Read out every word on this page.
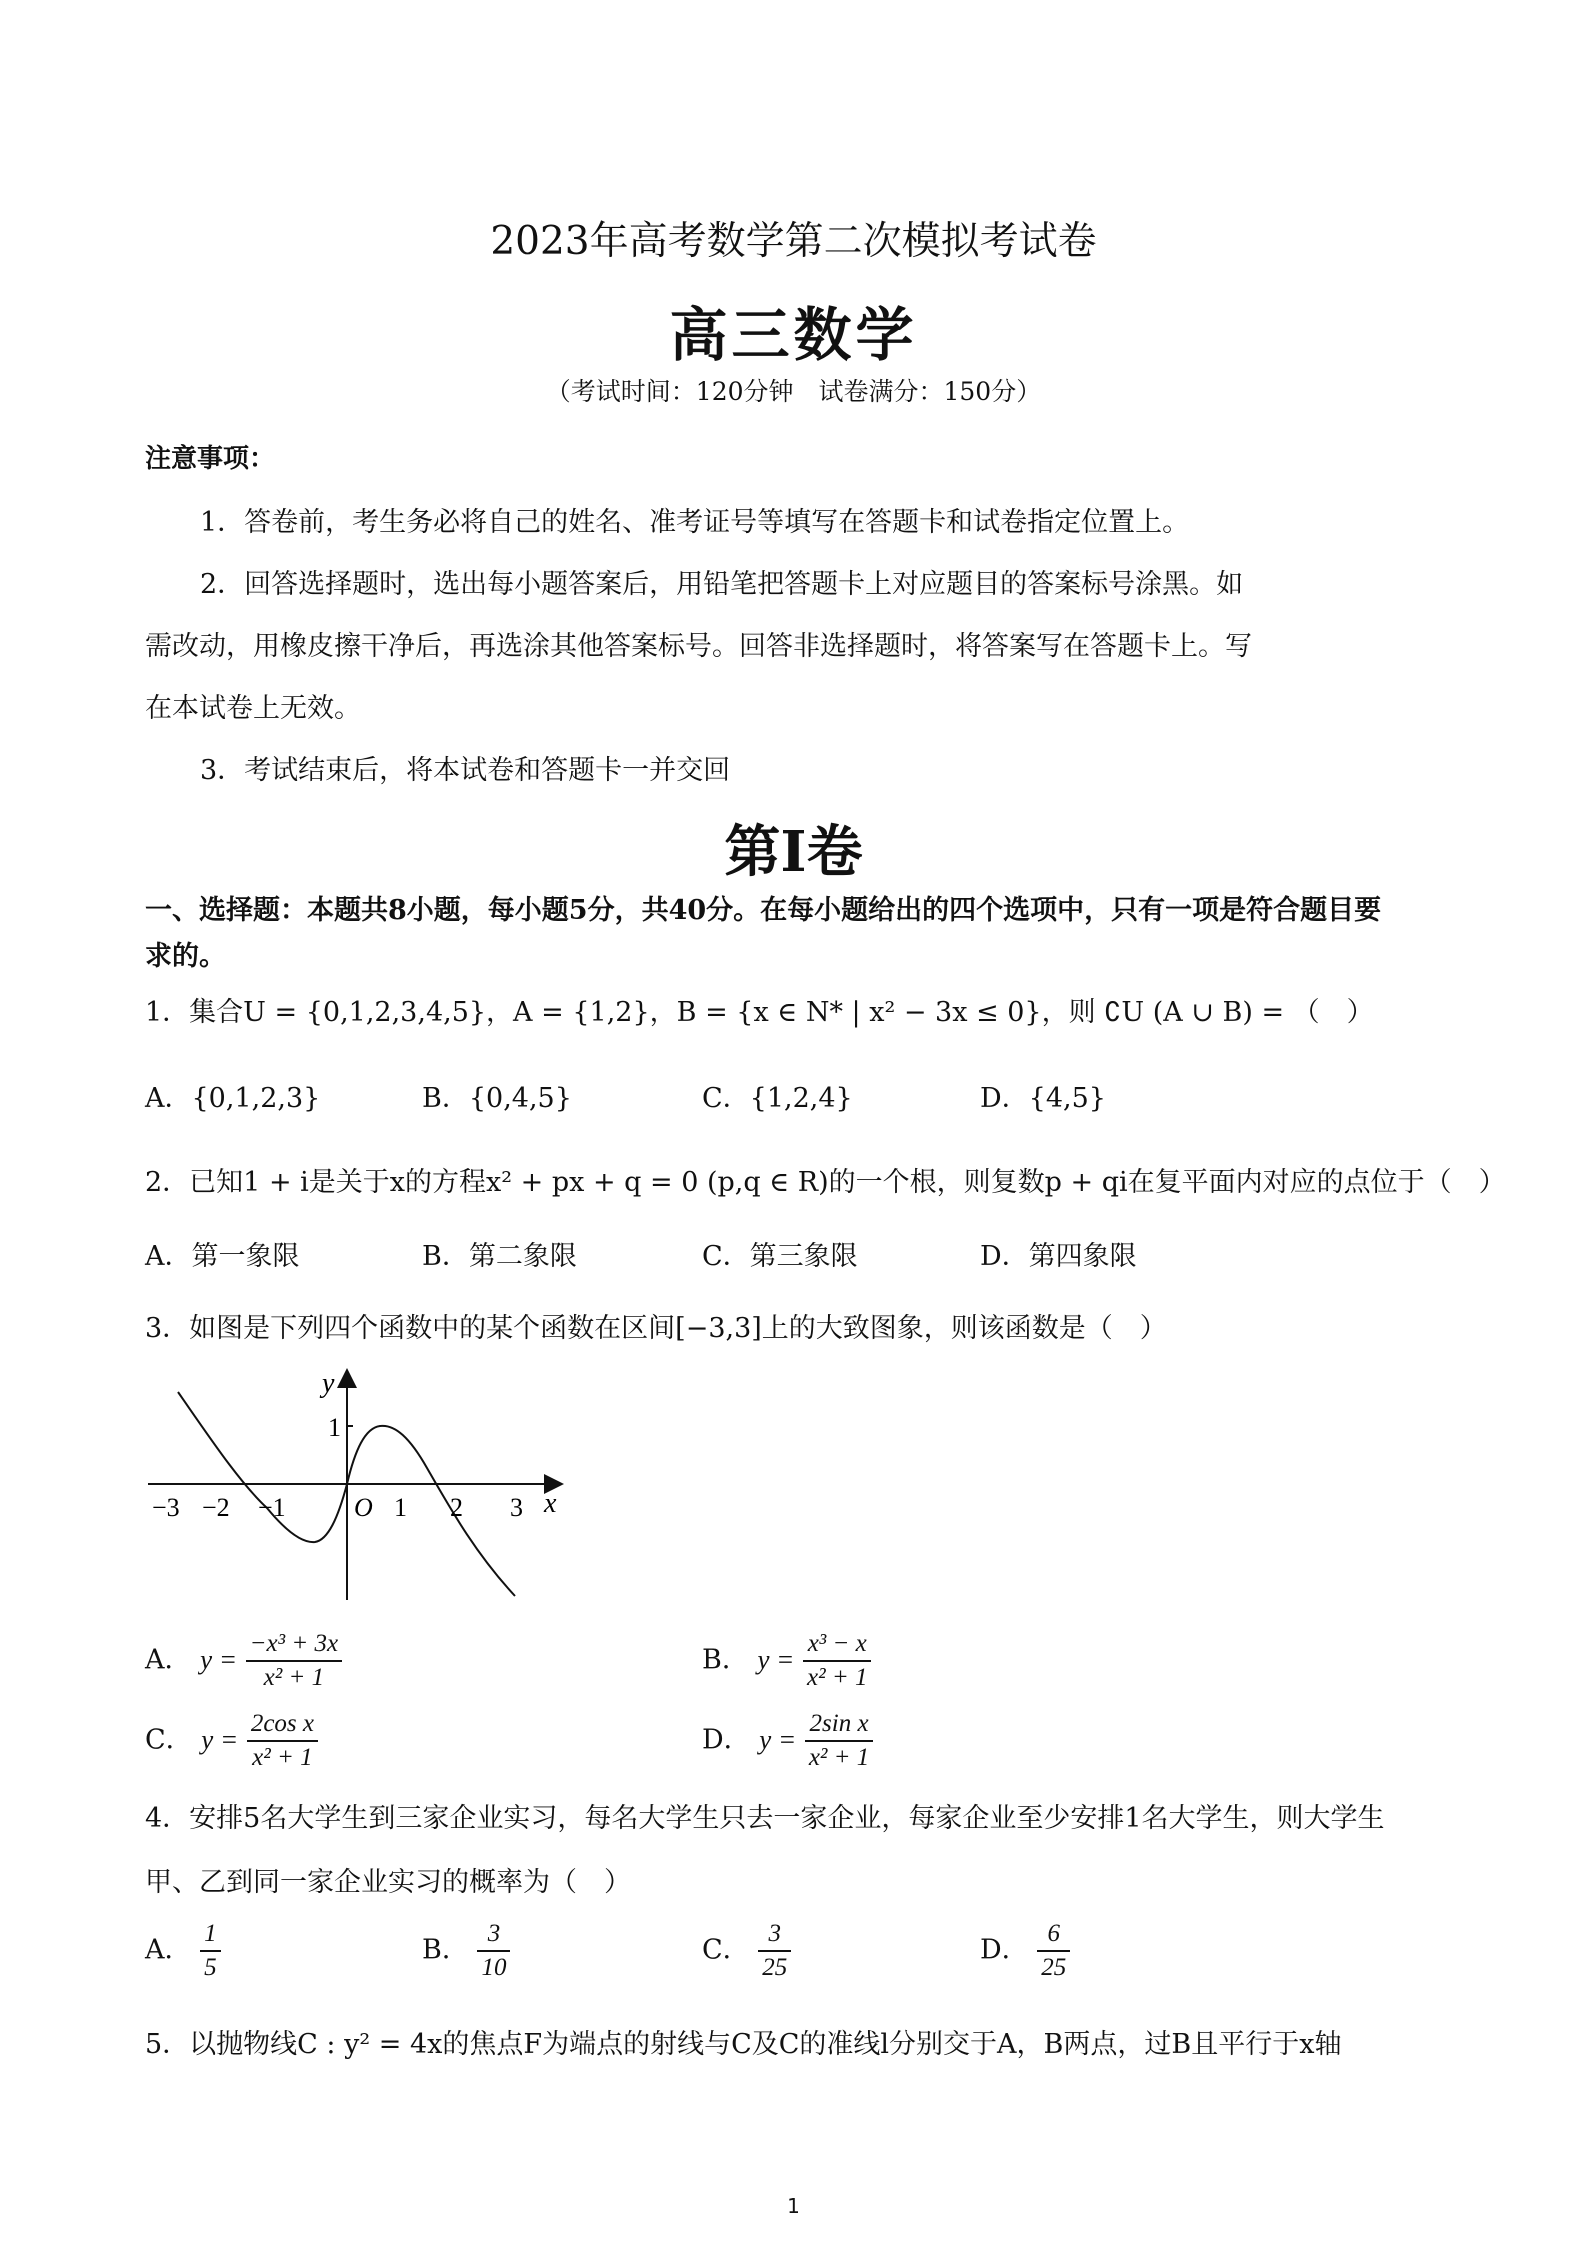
2023年高考数学第二次模拟考试卷
高三数学
（考试时间：120分钟　试卷满分：150分）
注意事项：
1．答卷前，考生务必将自己的姓名、准考证号等填写在答题卡和试卷指定位置上。
2．回答选择题时，选出每小题答案后，用铅笔把答题卡上对应题目的答案标号涂黑。如
需改动，用橡皮擦干净后，再选涂其他答案标号。回答非选择题时，将答案写在答题卡上。写
在本试卷上无效。
3．考试结束后，将本试卷和答题卡一并交回
第Ⅰ卷
一、选择题：本题共8小题，每小题5分，共40分。在每小题给出的四个选项中，只有一项是符合题目要
求的。
1．集合U = {0,1,2,3,4,5}，A = {1,2}，B = {x ∈ N* | x² − 3x ≤ 0}，则 ∁U (A ∪ B) = （　）
A．{0,1,2,3}	B．{0,4,5}	C．{1,2,4}	D．{4,5}
2．已知1 + i是关于x的方程x² + px + q = 0 (p,q ∈ R)的一个根，则复数p + qi在复平面内对应的点位于（　）
A．第一象限	B．第二象限	C．第三象限	D．第四象限
3．如图是下列四个函数中的某个函数在区间[−3,3]上的大致图象，则该函数是（　）
−3 −2 −1	1 2 3
1
O
y
x
A． $y = \frac{\text{−x³ + 3x}}{\text{x² + 1}}$	B． $y = \frac{\text{x³ − x}}{\text{x² + 1}}$
C． $y = \frac{\text{2cos x}}{\text{x² + 1}}$	D． $y = \frac{\text{2sin x}}{\text{x² + 1}}$
4．安排5名大学生到三家企业实习，每名大学生只去一家企业，每家企业至少安排1名大学生，则大学生
甲、乙到同一家企业实习的概率为（　）
A． $\frac{1}{5}$	B． $\frac{3}{10}$	C． $\frac{3}{25}$	D． $\frac{6}{25}$
5．以抛物线C : y² = 4x的焦点F为端点的射线与C及C的准线l分别交于A，B两点，过B且平行于x轴
1
